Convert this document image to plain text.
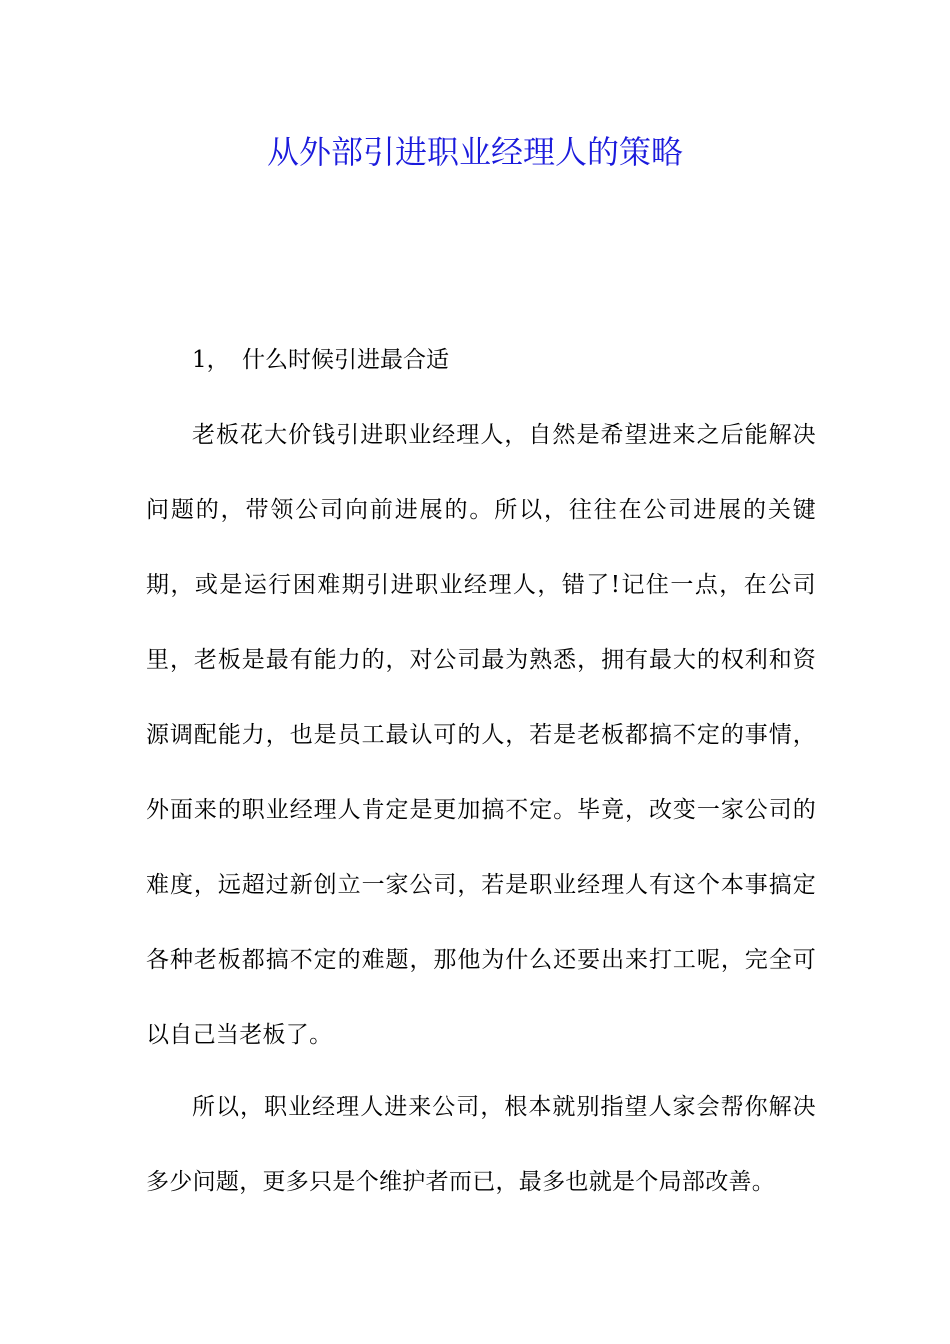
从外部引进职业经理人的策略
1， 什么时候引进最合适

老板花大价钱引进职业经理人，自然是希望进来之后能解决问题的，带领公司向前进展的。所以，往往在公司进展的关键期，或是运行困难期引进职业经理人，错了!记住一点，在公司里，老板是最有能力的，对公司最为熟悉，拥有最大的权利和资源调配能力，也是员工最认可的人，若是老板都搞不定的事情，外面来的职业经理人肯定是更加搞不定。毕竟，改变一家公司的难度，远超过新创立一家公司，若是职业经理人有这个本事搞定各种老板都搞不定的难题，那他为什么还要出来打工呢，完全可以自己当老板了。

所以，职业经理人进来公司，根本就别指望人家会帮你解决多少问题，更多只是个维护者而已，最多也就是个局部改善。
